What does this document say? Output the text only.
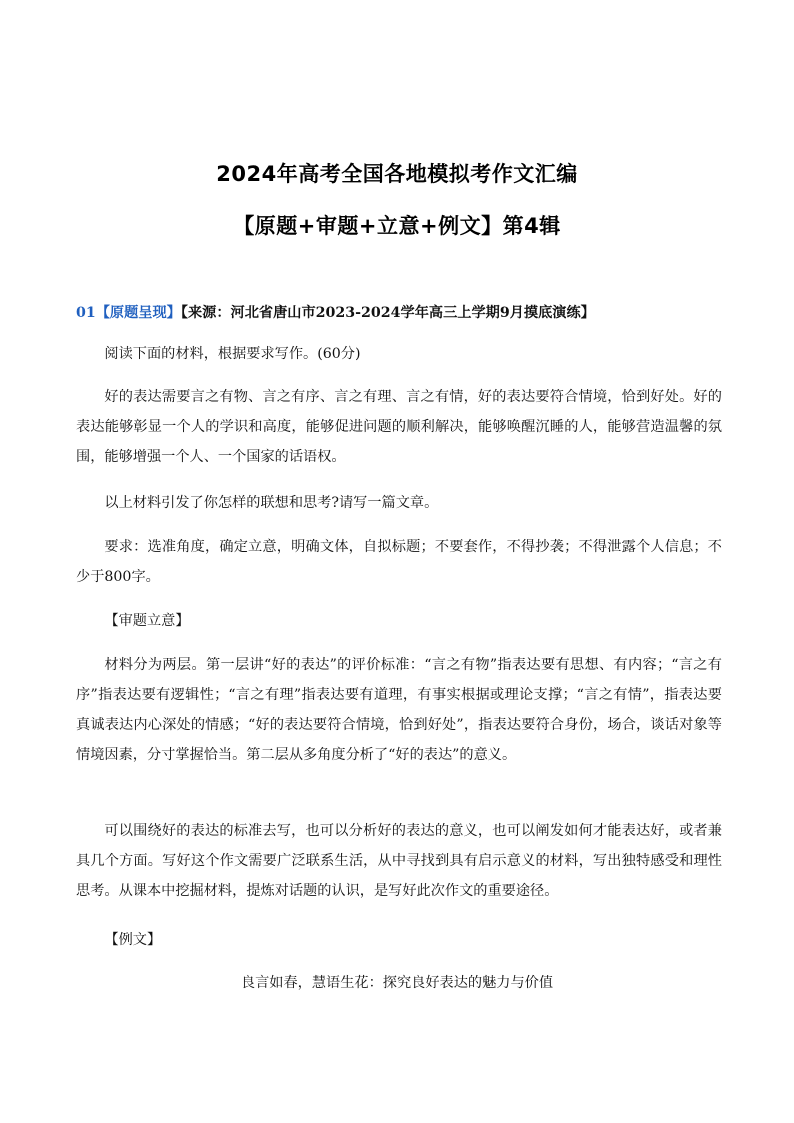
2024年高考全国各地模拟考作文汇编
【原题+审题+立意+例文】第4辑
01【原题呈现】【来源：河北省唐山市2023-2024学年高三上学期9月摸底演练】
阅读下面的材料，根据要求写作。(60分)
好的表达需要言之有物、言之有序、言之有理、言之有情，好的表达要符合情境，恰到好处。好的表达能够彰显一个人的学识和高度，能够促进问题的顺利解决，能够唤醒沉睡的人，能够营造温馨的氛围，能够增强一个人、一个国家的话语权。
以上材料引发了你怎样的联想和思考?请写一篇文章。
要求：选准角度，确定立意，明确文体，自拟标题；不要套作，不得抄袭；不得泄露个人信息；不少于800字。
【审题立意】
材料分为两层。第一层讲“好的表达”的评价标准：“言之有物”指表达要有思想、有内容；“言之有序”指表达要有逻辑性；“言之有理”指表达要有道理，有事实根据或理论支撑；“言之有情”，指表达要真诚表达内心深处的情感；“好的表达要符合情境，恰到好处”，指表达要符合身份，场合，谈话对象等情境因素，分寸掌握恰当。第二层从多角度分析了“好的表达”的意义。
可以围绕好的表达的标准去写，也可以分析好的表达的意义，也可以阐发如何才能表达好，或者兼具几个方面。写好这个作文需要广泛联系生活，从中寻找到具有启示意义的材料，写出独特感受和理性思考。从课本中挖掘材料，提炼对话题的认识，是写好此次作文的重要途径。
【例文】
良言如春，慧语生花：探究良好表达的魅力与价值
